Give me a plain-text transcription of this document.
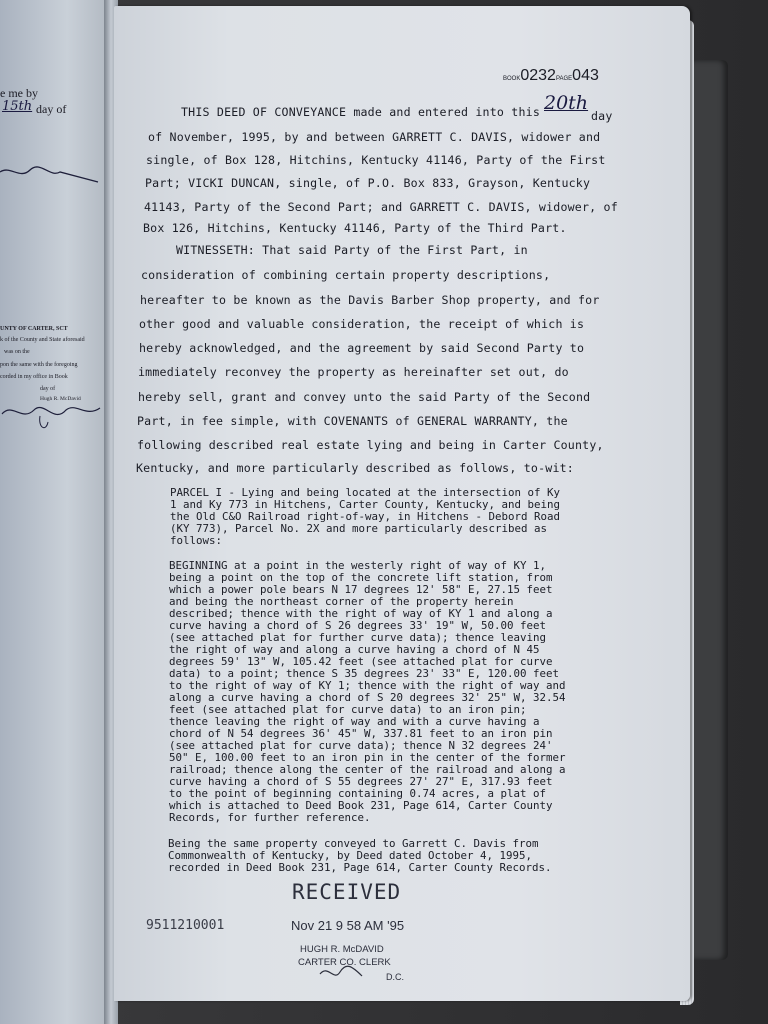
e me by
15th day of
UNTY OF CARTER, SCT
k of the County and State aforesaid
was on the
pon the same with the foregoing
corded in my office in Book
day of
Hugh R. McDavid
BOOK0232PAGE043
THIS DEED OF CONVEYANCE made and entered into this 20th
day
of November, 1995, by and between GARRETT C. DAVIS, widower and
single, of Box 128, Hitchins, Kentucky 41146, Party of the First
Part; VICKI DUNCAN, single, of P.O. Box 833, Grayson, Kentucky
41143, Party of the Second Part; and GARRETT C. DAVIS, widower, of
Box 126, Hitchins, Kentucky 41146, Party of the Third Part.
WITNESSETH: That said Party of the First Part, in
consideration of combining certain property descriptions,
hereafter to be known as the Davis Barber Shop property, and for
other good and valuable consideration, the receipt of which is
hereby acknowledged, and the agreement by said Second Party to
immediately reconvey the property as hereinafter set out, do
hereby sell, grant and convey unto the said Party of the Second
Part, in fee simple, with COVENANTS of GENERAL WARRANTY, the
following described real estate lying and being in Carter County,
Kentucky, and more particularly described as follows, to-wit:
PARCEL I - Lying and being located at the intersection of Ky
1 and Ky 773 in Hitchens, Carter County, Kentucky, and being
the Old C&O Railroad right-of-way, in Hitchens - Debord Road
(KY 773), Parcel No. 2X and more particularly described as
follows:
BEGINNING at a point in the westerly right of way of KY 1,
being a point on the top of the concrete lift station, from
which a power pole bears N 17 degrees 12' 58" E, 27.15 feet
and being the northeast corner of the property herein
described; thence with the right of way of KY 1 and along a
curve having a chord of S 26 degrees 33' 19" W, 50.00 feet
(see attached plat for further curve data); thence leaving
the right of way and along a curve having a chord of N 45
degrees 59' 13" W, 105.42 feet (see attached plat for curve
data) to a point; thence S 35 degrees 23' 33" E, 120.00 feet
to the right of way of KY 1; thence with the right of way and
along a curve having a chord of S 20 degrees 32' 25" W, 32.54
feet (see attached plat for curve data) to an iron pin;
thence leaving the right of way and with a curve having a
chord of N 54 degrees 36' 45" W, 337.81 feet to an iron pin
(see attached plat for curve data); thence N 32 degrees 24'
50" E, 100.00 feet to an iron pin in the center of the former
railroad; thence along the center of the railroad and along a
curve having a chord of S 55 degrees 27' 27" E, 317.93 feet
to the point of beginning containing 0.74 acres, a plat of
which is attached to Deed Book 231, Page 614, Carter County
Records, for further reference.
Being the same property conveyed to Garrett C. Davis from
Commonwealth of Kentucky, by Deed dated October 4, 1995,
recorded in Deed Book 231, Page 614, Carter County Records.
RECEIVED
9511210001	Nov 21 9 58 AM '95
HUGH R. McDAVID
CARTER CO. CLERK
D.C.
